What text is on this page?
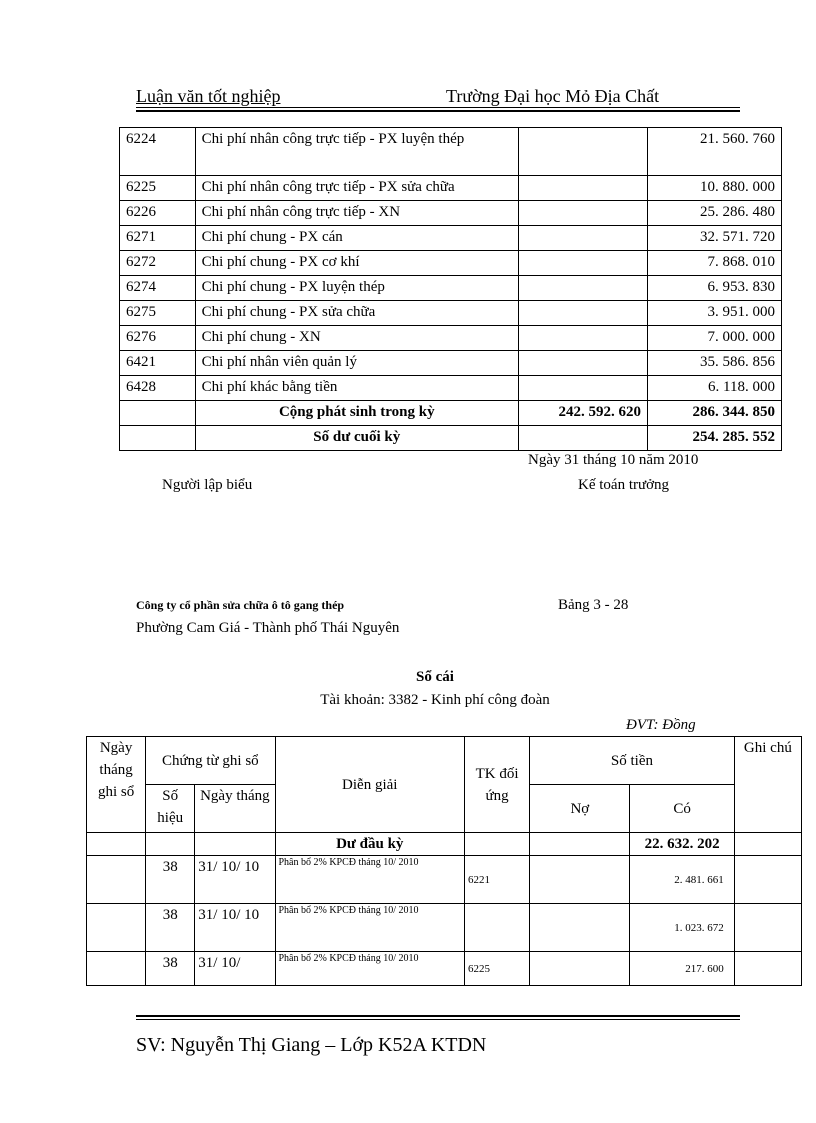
Luận văn tốt nghiệp	Trường Đại học Mỏ Địa Chất
6224	Chi phí nhân công trực tiếp - PX luyện thép		21. 560. 760
6225	Chi phí nhân công trực tiếp - PX sửa chữa		10. 880. 000
6226	Chi phí nhân công trực tiếp - XN		25. 286. 480
6271	Chi phí chung - PX cán		32. 571. 720
6272	Chi phí chung - PX cơ khí		7. 868. 010
6274	Chi phí chung - PX luyện thép		6. 953. 830
6275	Chi phí chung - PX sửa chữa		3. 951. 000
6276	Chi phí chung - XN		7. 000. 000
6421	Chi phí nhân viên quản lý		35. 586. 856
6428	Chi phí khác bằng tiền		6. 118. 000
	Cộng phát sinh trong kỳ	242. 592. 620	286. 344. 850
	Số dư cuối kỳ		254. 285. 552
Ngày 31 tháng 10 năm 2010
Người lập biểu	Kế toán trưởng
Công ty cổ phần sửa chữa ô tô gang thép	Bảng 3 - 28
Phường Cam Giá - Thành phố Thái Nguyên
Sổ cái
Tài khoản: 3382 - Kinh phí công đoàn
ĐVT: Đồng
Ngày tháng ghi sổ	Chứng từ ghi sổ		Diễn giải	TK đối ứng	Số tiền		Ghi chú
	Số hiệu	Ngày tháng			Nợ	Có	
			Dư đầu kỳ			22. 632. 202	
	38	31/ 10/ 10	Phân bổ 2% KPCĐ tháng 10/ 2010	6221		2. 481. 661	
	38	31/ 10/ 10	Phân bổ 2% KPCĐ tháng 10/ 2010			1. 023. 672	
	38	31/ 10/	Phân bổ 2% KPCĐ tháng 10/ 2010	6225		217. 600	
SV: Nguyễn Thị Giang – Lớp K52A KTDN
